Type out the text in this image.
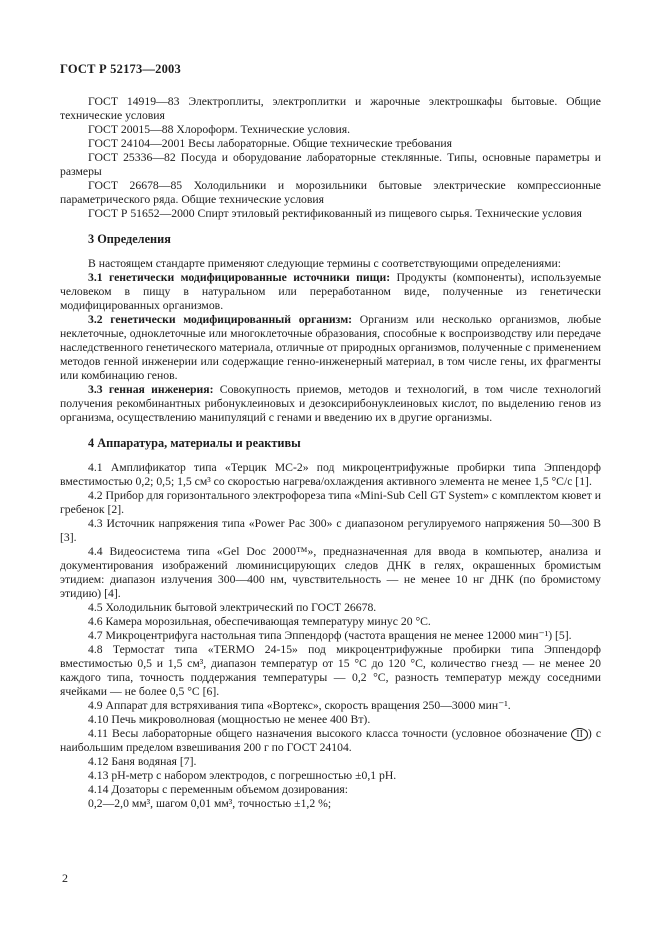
ГОСТ Р 52173—2003

ГОСТ 14919—83 Электроплиты, электроплитки и жарочные электрошкафы бытовые. Общие технические условия

ГОСТ 20015—88 Хлороформ. Технические условия.

ГОСТ 24104—2001 Весы лабораторные. Общие технические требования

ГОСТ 25336—82 Посуда и оборудование лабораторные стеклянные. Типы, основные параметры и размеры

ГОСТ 26678—85 Холодильники и морозильники бытовые электрические компрессионные параметрического ряда. Общие технические условия

ГОСТ Р 51652—2000 Спирт этиловый ректификованный из пищевого сырья. Технические условия

3 Определения

В настоящем стандарте применяют следующие термины с соответствующими определениями:

3.1 генетически модифицированные источники пищи: Продукты (компоненты), используемые человеком в пищу в натуральном или переработанном виде, полученные из генетически модифицированных организмов.

3.2 генетически модифицированный организм: Организм или несколько организмов, любые неклеточные, одноклеточные или многоклеточные образования, способные к воспроизводству или передаче наследственного генетического материала, отличные от природных организмов, полученные с применением методов генной инженерии или содержащие генно-инженерный материал, в том числе гены, их фрагменты или комбинацию генов.

3.3 генная инженерия: Совокупность приемов, методов и технологий, в том числе технологий получения рекомбинантных рибонуклеиновых и дезоксирибонуклеиновых кислот, по выделению генов из организма, осуществлению манипуляций с генами и введению их в другие организмы.

4 Аппаратура, материалы и реактивы

4.1 Амплификатор типа «Терцик МС-2» под микроцентрифужные пробирки типа Эппендорф вместимостью 0,2; 0,5; 1,5 см³ со скоростью нагрева/охлаждения активного элемента не менее 1,5 °С/с [1].

4.2 Прибор для горизонтального электрофореза типа «Mini-Sub Cell GT System» с комплектом кювет и гребенок [2].

4.3 Источник напряжения типа «Power Pac 300» с диапазоном регулируемого напряжения 50—300 В [3].

4.4 Видеосистема типа «Gel Doc 2000™», предназначенная для ввода в компьютер, анализа и документирования изображений люминисцирующих следов ДНК в гелях, окрашенных бромистым этидием: диапазон излучения 300—400 нм, чувствительность — не менее 10 нг ДНК (по бромистому этидию) [4].

4.5 Холодильник бытовой электрический по ГОСТ 26678.

4.6 Камера морозильная, обеспечивающая температуру минус 20 °С.

4.7 Микроцентрифуга настольная типа Эппендорф (частота вращения не менее 12000 мин⁻¹) [5].

4.8 Термостат типа «TERMO 24-15» под микроцентрифужные пробирки типа Эппендорф вместимостью 0,5 и 1,5 см³, диапазон температур от 15 °С до 120 °С, количество гнезд — не менее 20 каждого типа, точность поддержания температуры — 0,2 °С, разность температур между соседними ячейками — не более 0,5 °С [6].

4.9 Аппарат для встряхивания типа «Вортекс», скорость вращения 250—3000 мин⁻¹.

4.10 Печь микроволновая (мощностью не менее 400 Вт).

4.11 Весы лабораторные общего назначения высокого класса точности (условное обозначение II ) с наибольшим пределом взвешивания 200 г по ГОСТ 24104.

4.12 Баня водяная [7].

4.13 рН-метр с набором электродов, с погрешностью ±0,1 рН.

4.14 Дозаторы с переменным объемом дозирования:

0,2—2,0 мм³, шагом 0,01 мм³, точностью ±1,2 %;

2
